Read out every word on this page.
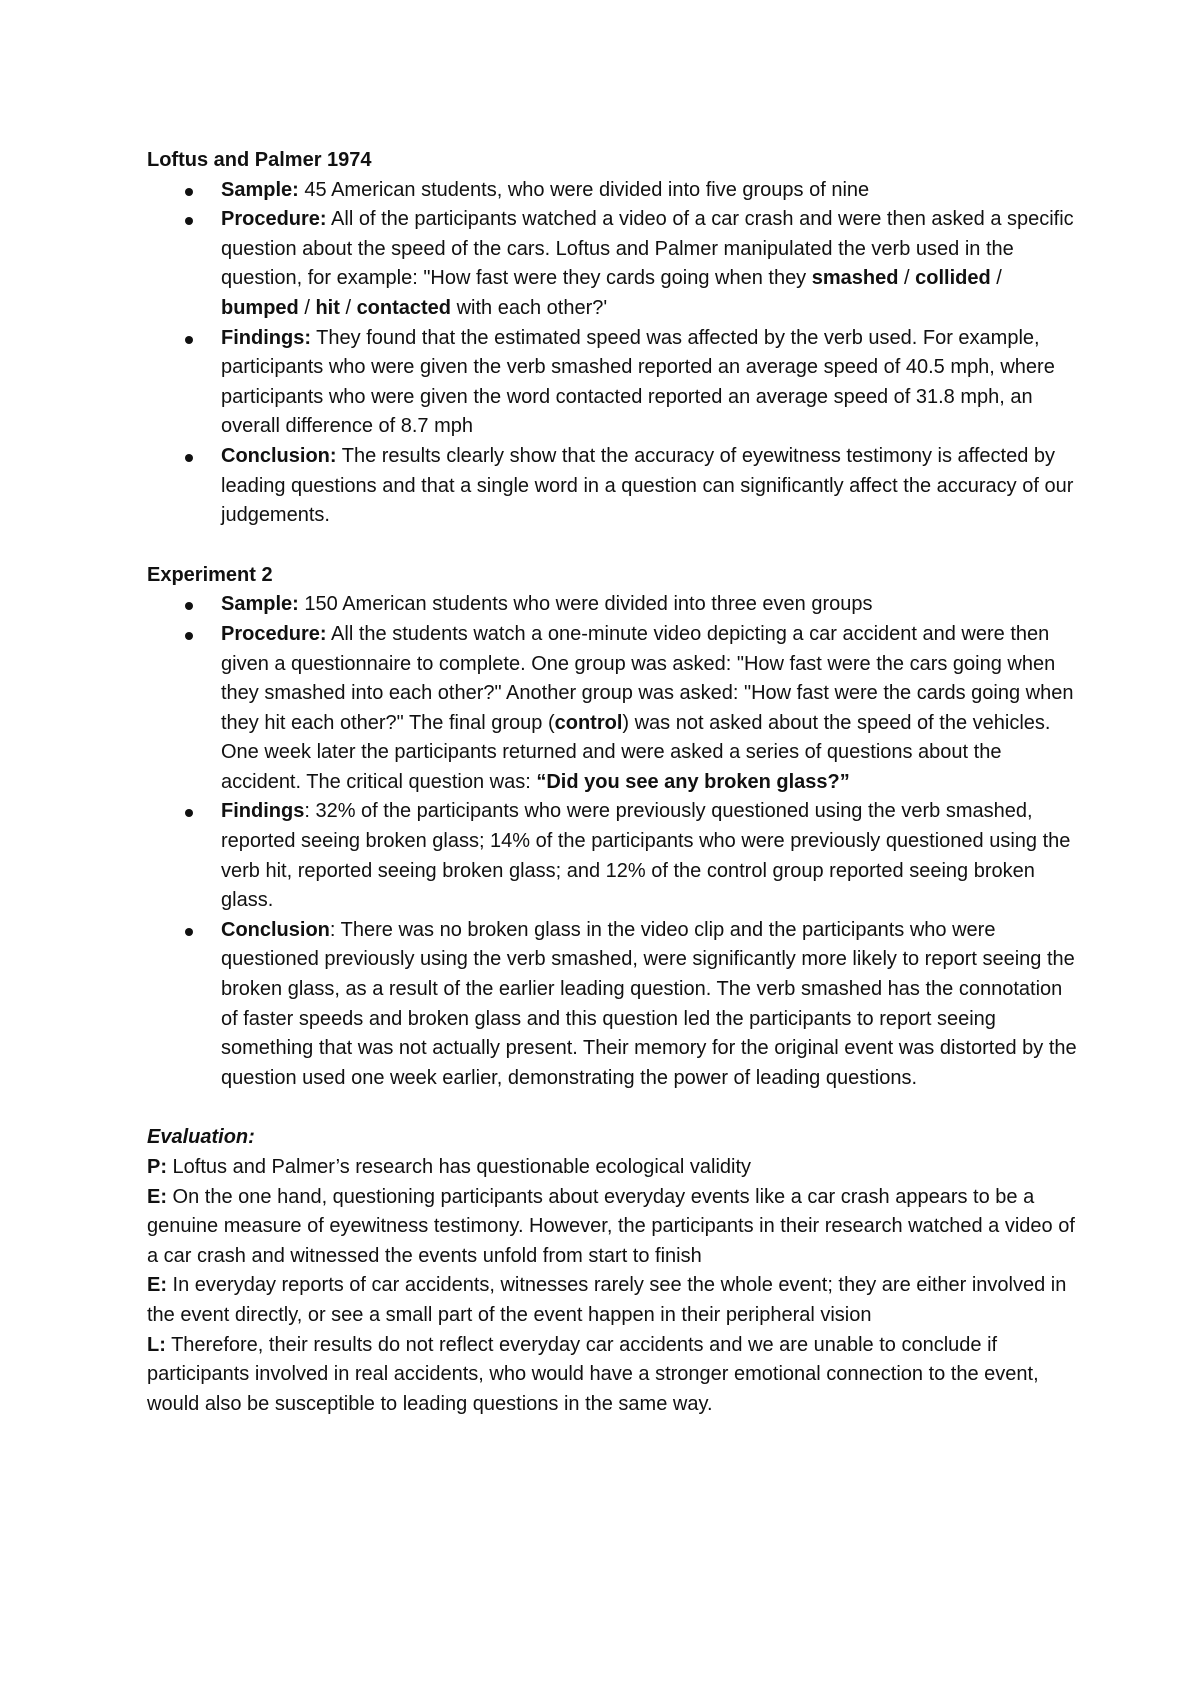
Loftus and Palmer 1974

Sample: 45 American students, who were divided into five groups of nine
Procedure: All of the participants watched a video of a car crash and were then asked a specific question about the speed of the cars. Loftus and Palmer manipulated the verb used in the question, for example: "How fast were they cards going when they smashed / collided / bumped / hit / contacted with each other?'
Findings: They found that the estimated speed was affected by the verb used. For example, participants who were given the verb smashed reported an average speed of 40.5 mph, where participants who were given the word contacted reported an average speed of 31.8 mph, an overall difference of 8.7 mph
Conclusion: The results clearly show that the accuracy of eyewitness testimony is affected by leading questions and that a single word in a question can significantly affect the accuracy of our judgements.

Experiment 2

Sample: 150 American students who were divided into three even groups
Procedure: All the students watch a one-minute video depicting a car accident and were then given a questionnaire to complete. One group was asked: "How fast were the cars going when they smashed into each other?" Another group was asked: "How fast were the cards going when they hit each other?" The final group (control) was not asked about the speed of the vehicles. One week later the participants returned and were asked a series of questions about the accident. The critical question was: “Did you see any broken glass?”
Findings: 32% of the participants who were previously questioned using the verb smashed, reported seeing broken glass; 14% of the participants who were previously questioned using the verb hit, reported seeing broken glass; and 12% of the control group reported seeing broken glass.
Conclusion: There was no broken glass in the video clip and the participants who were questioned previously using the verb smashed, were significantly more likely to report seeing the broken glass, as a result of the earlier leading question. The verb smashed has the connotation of faster speeds and broken glass and this question led the participants to report seeing something that was not actually present. Their memory for the original event was distorted by the question used one week earlier, demonstrating the power of leading questions.

Evaluation:

P: Loftus and Palmer’s research has questionable ecological validity

E: On the one hand, questioning participants about everyday events like a car crash appears to be a genuine measure of eyewitness testimony. However, the participants in their research watched a video of a car crash and witnessed the events unfold from start to finish

E: In everyday reports of car accidents, witnesses rarely see the whole event; they are either involved in the event directly, or see a small part of the event happen in their peripheral vision

L: Therefore, their results do not reflect everyday car accidents and we are unable to conclude if participants involved in real accidents, who would have a stronger emotional connection to the event, would also be susceptible to leading questions in the same way.
